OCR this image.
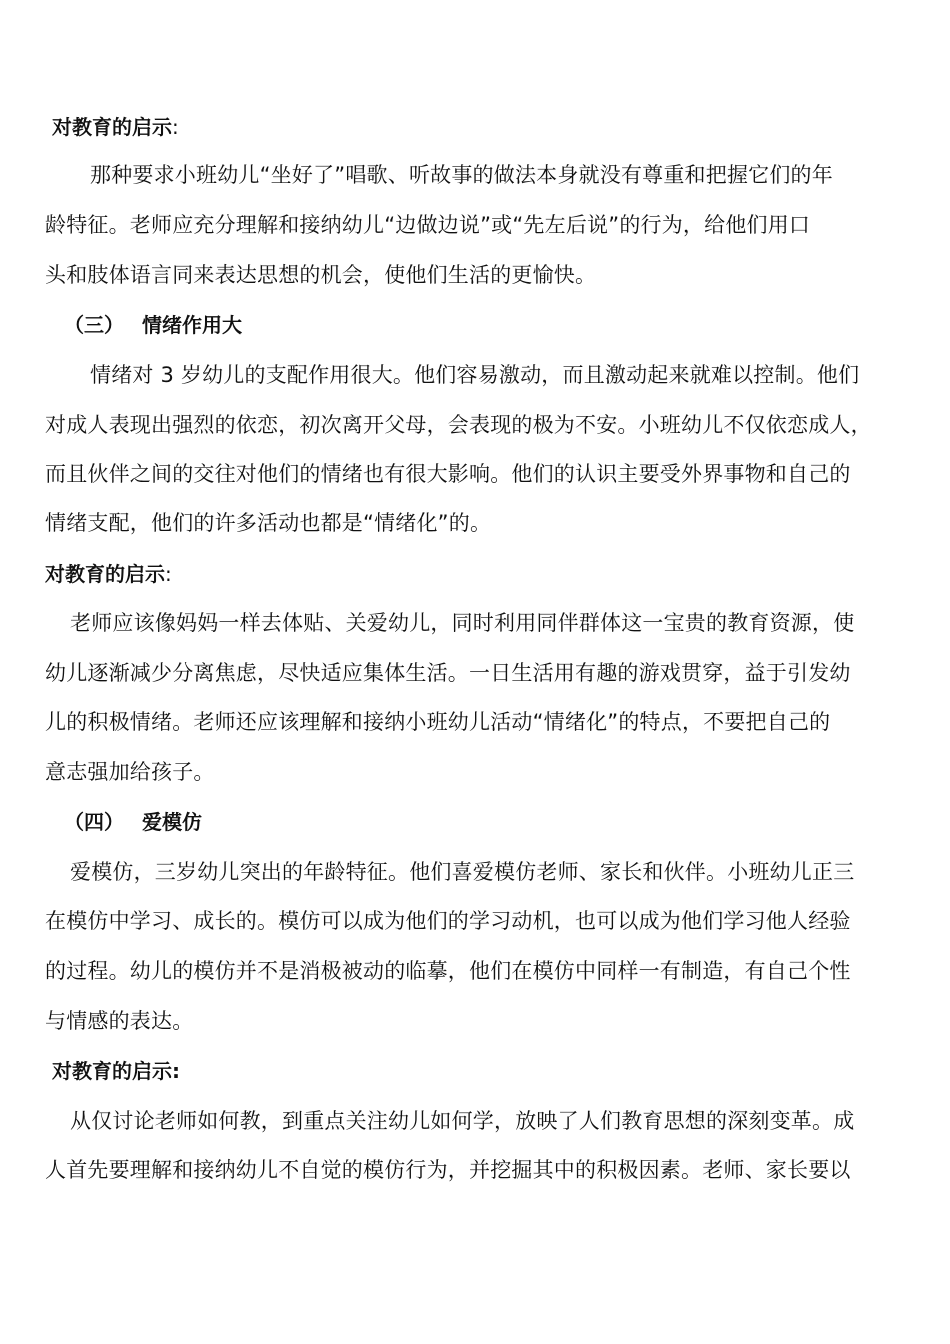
对教育的启示:
那种要求小班幼儿“坐好了”唱歌、听故事的做法本身就没有尊重和把握它们的年
龄特征。老师应充分理解和接纳幼儿“边做边说”或“先左后说”的行为，给他们用口
头和肢体语言同来表达思想的机会，使他们生活的更愉快。
（三） 情绪作用大
情绪对 3 岁幼儿的支配作用很大。他们容易激动，而且激动起来就难以控制。他们
对成人表现出强烈的依恋，初次离开父母，会表现的极为不安。小班幼儿不仅依恋成人，
而且伙伴之间的交往对他们的情绪也有很大影响。他们的认识主要受外界事物和自己的
情绪支配，他们的许多活动也都是“情绪化”的。
对教育的启示:
老师应该像妈妈一样去体贴、关爱幼儿，同时利用同伴群体这一宝贵的教育资源，使
幼儿逐渐减少分离焦虑，尽快适应集体生活。一日生活用有趣的游戏贯穿，益于引发幼
儿的积极情绪。老师还应该理解和接纳小班幼儿活动“情绪化”的特点，不要把自己的
意志强加给孩子。
（四） 爱模仿
爱模仿，三岁幼儿突出的年龄特征。他们喜爱模仿老师、家长和伙伴。小班幼儿正三
在模仿中学习、成长的。模仿可以成为他们的学习动机，也可以成为他们学习他人经验
的过程。幼儿的模仿并不是消极被动的临摹，他们在模仿中同样一有制造，有自己个性
与情感的表达。
对教育的启示:
从仅讨论老师如何教，到重点关注幼儿如何学，放映了人们教育思想的深刻变革。成
人首先要理解和接纳幼儿不自觉的模仿行为，并挖掘其中的积极因素。老师、家长要以
